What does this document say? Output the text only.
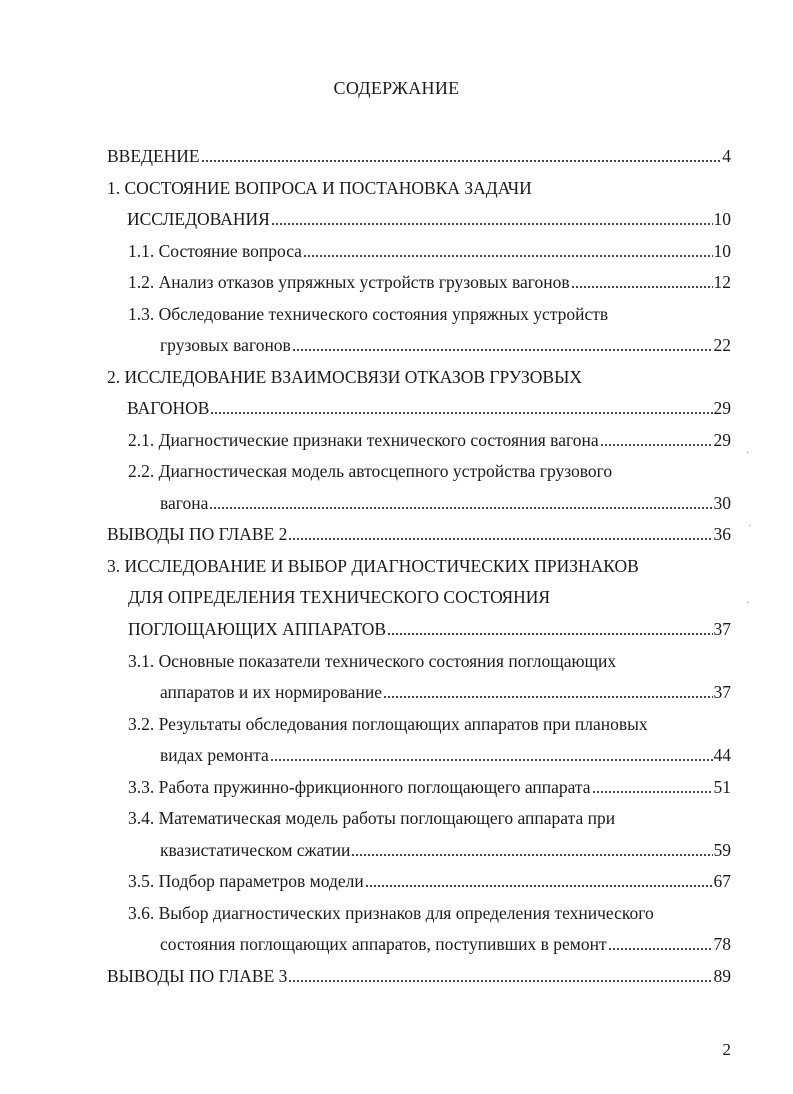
СОДЕРЖАНИЕ
ВВЕДЕНИЕ	4
1. СОСТОЯНИЕ ВОПРОСА И ПОСТАНОВКА ЗАДАЧИ
ИССЛЕДОВАНИЯ	10
1.1. Состояние вопроса	10
1.2. Анализ отказов упряжных устройств грузовых вагонов	12
1.3. Обследование технического состояния упряжных устройств
грузовых вагонов	22
2. ИССЛЕДОВАНИЕ ВЗАИМОСВЯЗИ ОТКАЗОВ ГРУЗОВЫХ
ВАГОНОВ	29
2.1. Диагностические признаки технического состояния вагона	29
2.2. Диагностическая модель автосцепного устройства грузового
вагона	30
ВЫВОДЫ ПО ГЛАВЕ 2	36
3. ИССЛЕДОВАНИЕ И ВЫБОР ДИАГНОСТИЧЕСКИХ ПРИЗНАКОВ
ДЛЯ ОПРЕДЕЛЕНИЯ ТЕХНИЧЕСКОГО СОСТОЯНИЯ
ПОГЛОЩАЮЩИХ АППАРАТОВ	37
3.1. Основные показатели технического состояния поглощающих
аппаратов и их нормирование	37
3.2. Результаты обследования поглощающих аппаратов при плановых
видах ремонта	44
3.3. Работа пружинно-фрикционного поглощающего аппарата	51
3.4. Математическая модель работы поглощающего аппарата при
квазистатическом сжатии	59
3.5. Подбор параметров модели	67
3.6. Выбор диагностических признаков для определения технического
состояния поглощающих аппаратов, поступивших в ремонт	78
ВЫВОДЫ ПО ГЛАВЕ 3	89
·
·
·
2
